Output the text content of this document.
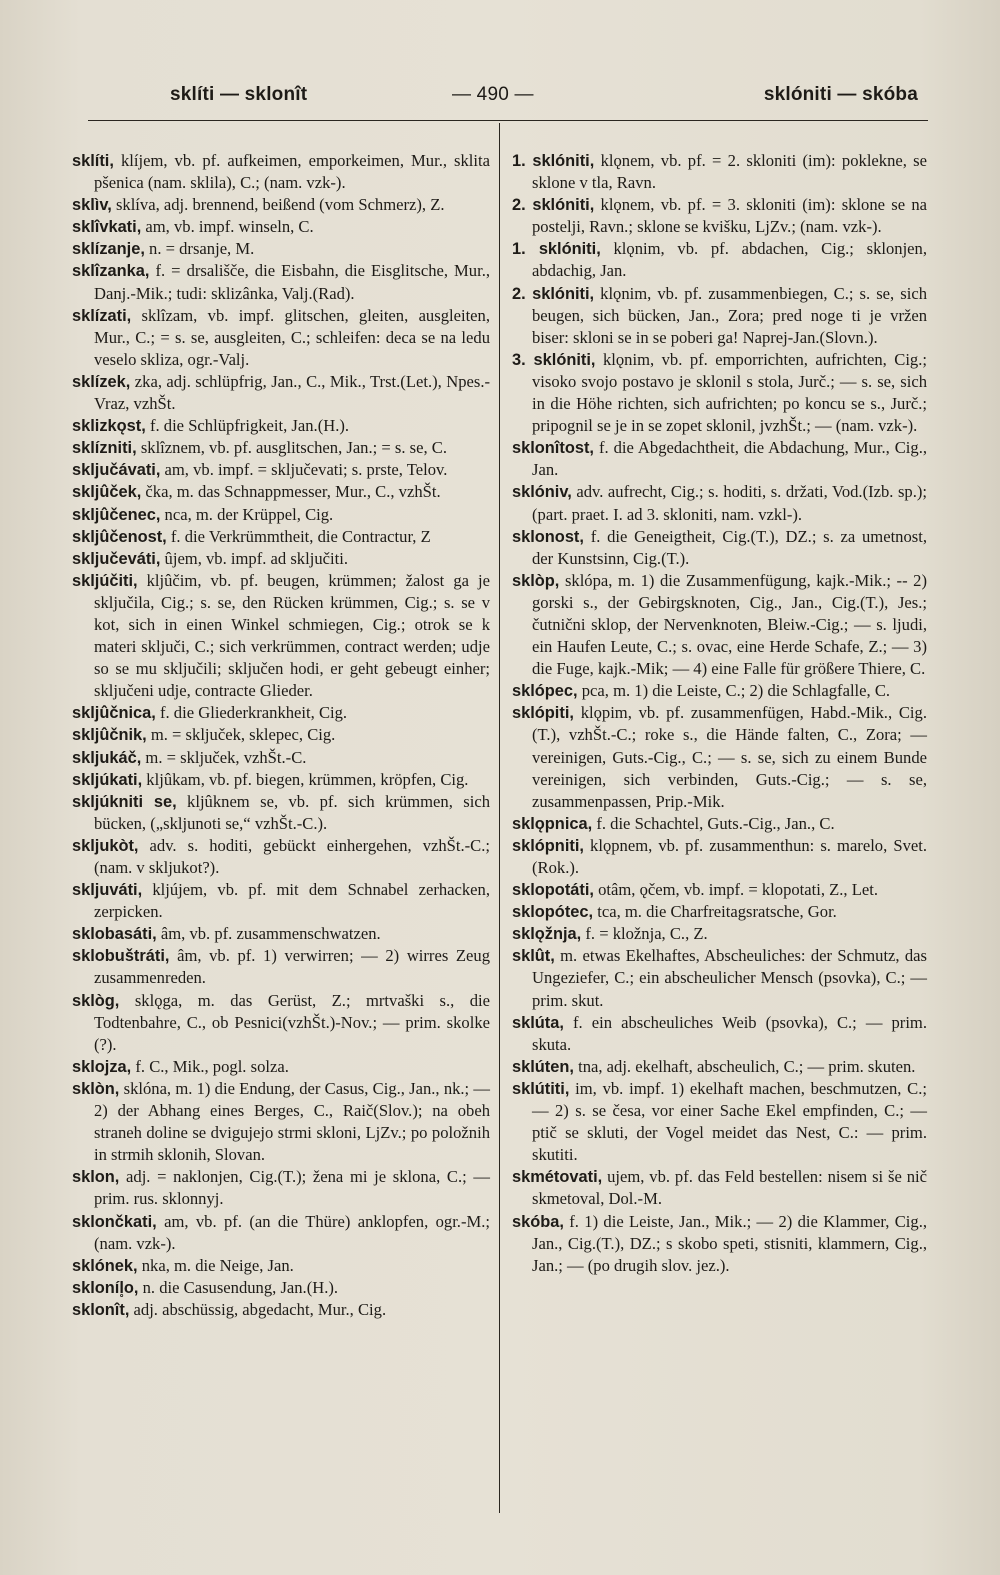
sklíti — sklonît	— 490 —	sklóniti — skóba

sklíti, klíjem, vb. pf. aufkeimen, emporkeimen, Mur., sklita pšenica (nam. sklila), C.; (nam. vzk-).

sklìv, sklíva, adj. brennend, beißend (vom Schmerz), Z.

sklîvkati, am, vb. impf. winseln, C.

sklízanje, n. = drsanje, M.

sklîzanka, f. = drsališče, die Eisbahn, die Eisglitsche, Mur., Danj.-Mik.; tudi: sklizânka, Valj.(Rad).

sklízati, sklîzam, vb. impf. glitschen, gleiten, ausgleiten, Mur., C.; = s. se, ausgleiten, C.; schleifen: deca se na ledu veselo skliza, ogr.-Valj.

sklízek, zka, adj. schlüpfrig, Jan., C., Mik., Trst.(Let.), Npes.-Vraz, vzhŠt.

sklizkǫst, f. die Schlüpfrigkeit, Jan.(H.).

sklízniti, sklîznem, vb. pf. ausglitschen, Jan.; = s. se, C.

sključávati, am, vb. impf. = sključevati; s. prste, Telov.

skljûček, čka, m. das Schnappmesser, Mur., C., vzhŠt.

skljûčenec, nca, m. der Krüppel, Cig.

skljûčenost, f. die Verkrümmtheit, die Contractur, Z

sključeváti, ûjem, vb. impf. ad sključiti.

skljúčiti, kljûčim, vb. pf. beugen, krümmen; žalost ga je sključila, Cig.; s. se, den Rücken krümmen, Cig.; s. se v kot, sich in einen Winkel schmiegen, Cig.; otrok se k materi sključi, C.; sich verkrümmen, contract werden; udje so se mu sključili; sključen hodi, er geht gebeugt einher; sključeni udje, contracte Glieder.

skljûčnica, f. die Gliederkrankheit, Cig.

skljûčnik, m. = sključek, sklepec, Cig.

skljukáč, m. = sključek, vzhŠt.-C.

skljúkati, kljûkam, vb. pf. biegen, krümmen, kröpfen, Cig.

skljúkniti se, kljûknem se, vb. pf. sich krümmen, sich bücken, („skljunoti se,“ vzhŠt.-C.).

skljukòt, adv. s. hoditi, gebückt einhergehen, vzhŠt.-C.; (nam. v skljukot?).

skljuváti, kljújem, vb. pf. mit dem Schnabel zerhacken, zerpicken.

sklobasáti, âm, vb. pf. zusammenschwatzen.

sklobuštráti, âm, vb. pf. 1) verwirren; — 2) wirres Zeug zusammenreden.

sklòg, sklǫga, m. das Gerüst, Z.; mrtvaški s., die Todtenbahre, C., ob Pesnici(vzhŠt.)-Nov.; — prim. skolke (?).

sklojza, f. C., Mik., pogl. solza.

sklòn, sklóna, m. 1) die Endung, der Casus, Cig., Jan., nk.; — 2) der Abhang eines Berges, C., Raič(Slov.); na obeh straneh doline se dvigujejo strmi skloni, LjZv.; po položnih in strmih sklonih, Slovan.

sklon, adj. = naklonjen, Cig.(T.); žena mi je sklona, C.; — prim. rus. sklonnyj.

sklončkati, am, vb. pf. (an die Thüre) anklopfen, ogr.-M.; (nam. vzk-).

sklónek, nka, m. die Neige, Jan.

skloníl̥o, n. die Casusendung, Jan.(H.).

sklonît, adj. abschüssig, abgedacht, Mur., Cig.

1. sklóniti, klǫnem, vb. pf. = 2. skloniti (im): poklekne, se sklone v tla, Ravn.

2. sklóniti, klǫnem, vb. pf. = 3. skloniti (im): sklone se na postelji, Ravn.; sklone se kvišku, LjZv.; (nam. vzk-).

1. sklóniti, klǫnim, vb. pf. abdachen, Cig.; sklonjen, abdachig, Jan.

2. sklóniti, klǫnim, vb. pf. zusammenbiegen, C.; s. se, sich beugen, sich bücken, Jan., Zora; pred noge ti je vržen biser: skloni se in se poberi ga! Naprej-Jan.(Slovn.).

3. sklóniti, klǫnim, vb. pf. emporrichten, aufrichten, Cig.; visoko svojo postavo je sklonil s stola, Jurč.; — s. se, sich in die Höhe richten, sich aufrichten; po koncu se s., Jurč.; pripognil se je in se zopet sklonil, jvzhŠt.; — (nam. vzk-).

sklonîtost, f. die Abgedachtheit, die Abdachung, Mur., Cig., Jan.

sklóniv, adv. aufrecht, Cig.; s. hoditi, s. držati, Vod.(Izb. sp.); (part. praet. I. ad 3. skloniti, nam. vzkl-).

sklonost, f. die Geneigtheit, Cig.(T.), DZ.; s. za umetnost, der Kunstsinn, Cig.(T.).

sklòp, sklópa, m. 1) die Zusammenfügung, kajk.-Mik.; -- 2) gorski s., der Gebirgsknoten, Cig., Jan., Cig.(T.), Jes.; čutnični sklop, der Nervenknoten, Bleiw.-Cig.; — s. ljudi, ein Haufen Leute, C.; s. ovac, eine Herde Schafe, Z.; — 3) die Fuge, kajk.-Mik; — 4) eine Falle für größere Thiere, C.

sklópec, pca, m. 1) die Leiste, C.; 2) die Schlagfalle, C.

sklópiti, klǫpim, vb. pf. zusammenfügen, Habd.-Mik., Cig.(T.), vzhŠt.-C.; roke s., die Hände falten, C., Zora; — vereinigen, Guts.-Cig., C.; — s. se, sich zu einem Bunde vereinigen, sich verbinden, Guts.-Cig.; — s. se, zusammenpassen, Prip.-Mik.

sklǫpnica, f. die Schachtel, Guts.-Cig., Jan., C.

sklópniti, klǫpnem, vb. pf. zusammenthun: s. marelo, Svet.(Rok.).

sklopotáti, otâm, ǫčem, vb. impf. = klopotati, Z., Let.

sklopótec, tca, m. die Charfreitagsratsche, Gor.

sklǫžnja, f. = kložnja, C., Z.

sklût, m. etwas Ekelhaftes, Abscheuliches: der Schmutz, das Ungeziefer, C.; ein abscheulicher Mensch (psovka), C.; — prim. skut.

sklúta, f. ein abscheuliches Weib (psovka), C.; — prim. skuta.

sklúten, tna, adj. ekelhaft, abscheulich, C.; — prim. skuten.

sklútiti, im, vb. impf. 1) ekelhaft machen, beschmutzen, C.; — 2) s. se česa, vor einer Sache Ekel empfinden, C.; — ptič se skluti, der Vogel meidet das Nest, C.: — prim. skutiti.

skmétovati, ujem, vb. pf. das Feld bestellen: nisem si še nič skmetoval, Dol.-M.

skóba, f. 1) die Leiste, Jan., Mik.; — 2) die Klammer, Cig., Jan., Cig.(T.), DZ.; s skobo speti, stisniti, klammern, Cig., Jan.; — (po drugih slov. jez.).
